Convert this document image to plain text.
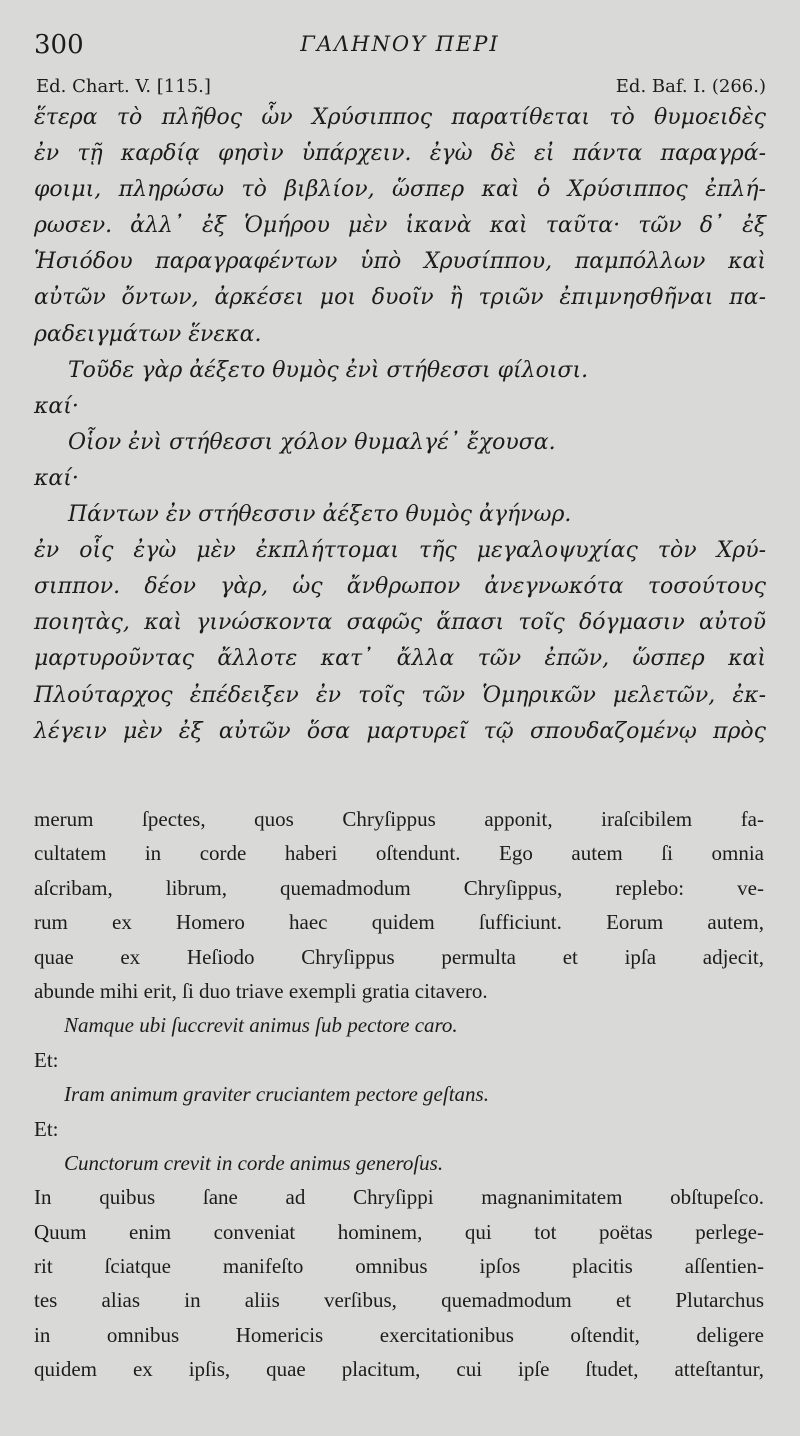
300	ΓΑΛΗΝΟΥ ΠΕΡΙ
Ed. Chart. V. [115.]	Ed. Baf. I. (266.)
ἕτερα τὸ πλῆθος ὧν Χρύσιππος παρατίθεται τὸ θυμοειδὲς
ἐν τῇ καρδίᾳ φησὶν ὑπάρχειν. ἐγὼ δὲ εἰ πάντα παραγρά-
φοιμι, πληρώσω τὸ βιβλίον, ὥσπερ καὶ ὁ Χρύσιππος ἐπλή-
ρωσεν. ἀλλ᾽ ἐξ Ὁμήρου μὲν ἱκανὰ καὶ ταῦτα· τῶν δ᾽ ἐξ
Ἡσιόδου παραγραφέντων ὑπὸ Χρυσίππου, παμπόλλων καὶ
αὐτῶν ὄντων, ἀρκέσει μοι δυοῖν ἢ τριῶν ἐπιμνησθῆναι πα-
ραδειγμάτων ἕνεκα.
Τοῦδε γὰρ ἀέξετο θυμὸς ἐνὶ στήθεσσι φίλοισι.
καί·
Οἷον ἐνὶ στήθεσσι χόλον θυμαλγέ᾽ ἔχουσα.
καί·
Πάντων ἐν στήθεσσιν ἀέξετο θυμὸς ἀγήνωρ.
ἐν οἷς ἐγὼ μὲν ἐκπλήττομαι τῆς μεγαλοψυχίας τὸν Χρύ-
σιππον. δέον γὰρ, ὡς ἄνθρωπον ἀνεγνωκότα τοσούτους
ποιητὰς, καὶ γινώσκοντα σαφῶς ἅπασι τοῖς δόγμασιν αὐτοῦ
μαρτυροῦντας ἄλλοτε κατ᾽ ἄλλα τῶν ἐπῶν, ὥσπερ καὶ
Πλούταρχος ἐπέδειξεν ἐν τοῖς τῶν Ὁμηρικῶν μελετῶν, ἐκ-
λέγειν μὲν ἐξ αὐτῶν ὅσα μαρτυρεῖ τῷ σπουδαζομένῳ πρὸς
merum ſpectes, quos Chryſippus apponit, iraſcibilem fa-
cultatem in corde haberi oſtendunt. Ego autem ſi omnia
aſcribam, librum, quemadmodum Chryſippus, replebo: ve-
rum ex Homero haec quidem ſufficiunt. Eorum autem,
quae ex Heſiodo Chryſippus permulta et ipſa adjecit,
abunde mihi erit, ſi duo triave exempli gratia citavero.
Namque ubi ſuccrevit animus ſub pectore caro.
Et:
Iram animum graviter cruciantem pectore geſtans.
Et:
Cunctorum crevit in corde animus generoſus.
In quibus ſane ad Chryſippi magnanimitatem obſtupeſco.
Quum enim conveniat hominem, qui tot poëtas perlege-
rit ſciatque manifeſto omnibus ipſos placitis aſſentien-
tes alias in aliis verſibus, quemadmodum et Plutarchus
in omnibus Homericis exercitationibus oſtendit, deligere
quidem ex ipſis, quae placitum, cui ipſe ſtudet, atteſtantur,
